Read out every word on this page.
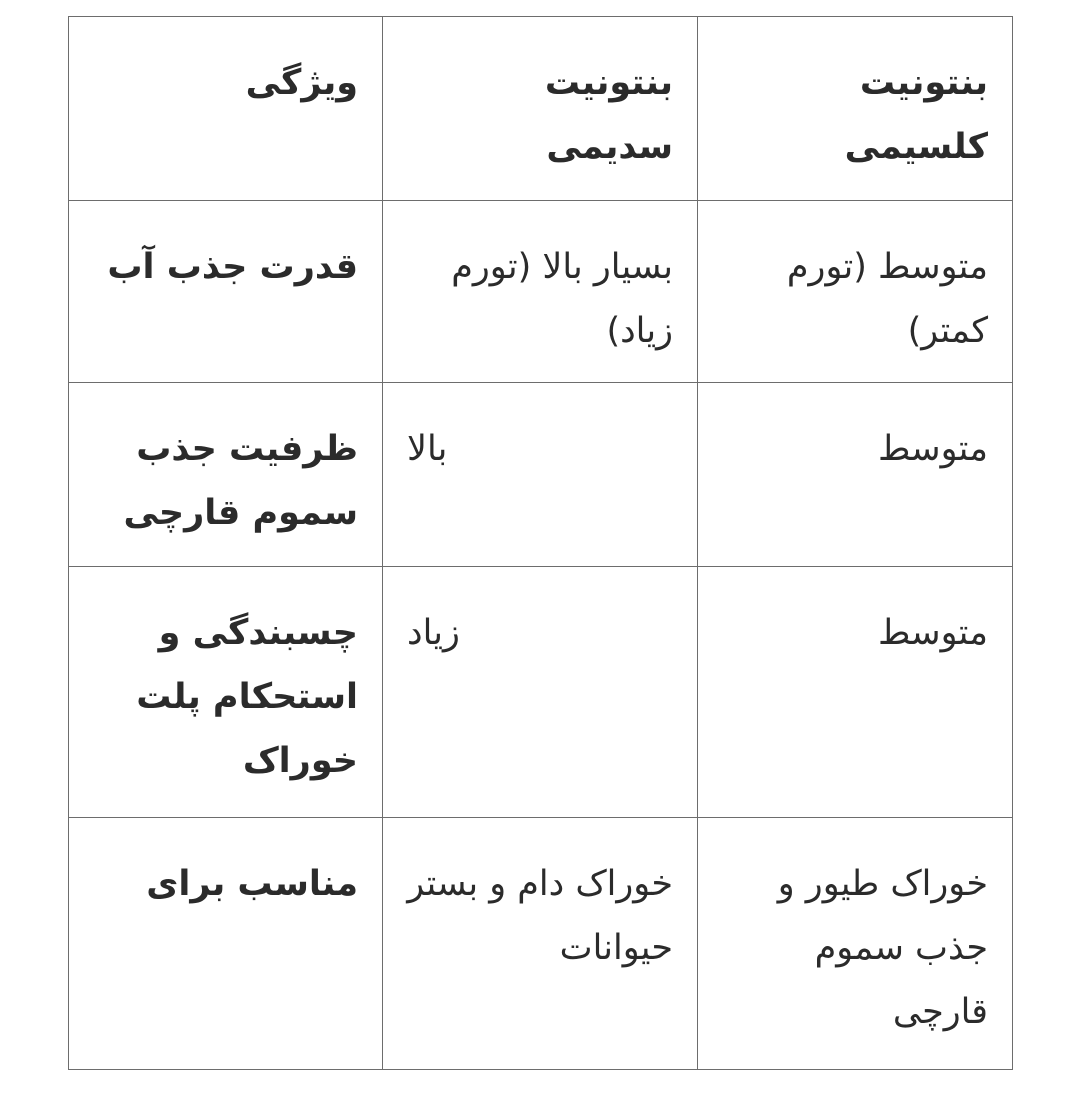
بنتونیت کلسیمی	بنتونیت سدیمی	ویژگی
متوسط (تورم کمتر)	بسیار بالا (تورم زیاد)	قدرت جذب آب
متوسط	بالا	ظرفیت جذب سموم قارچی
متوسط	زیاد	چسبندگی و استحکام پلت خوراک
خوراک طیور و جذب سموم قارچی	خوراک دام و بستر حیوانات	مناسب برای
